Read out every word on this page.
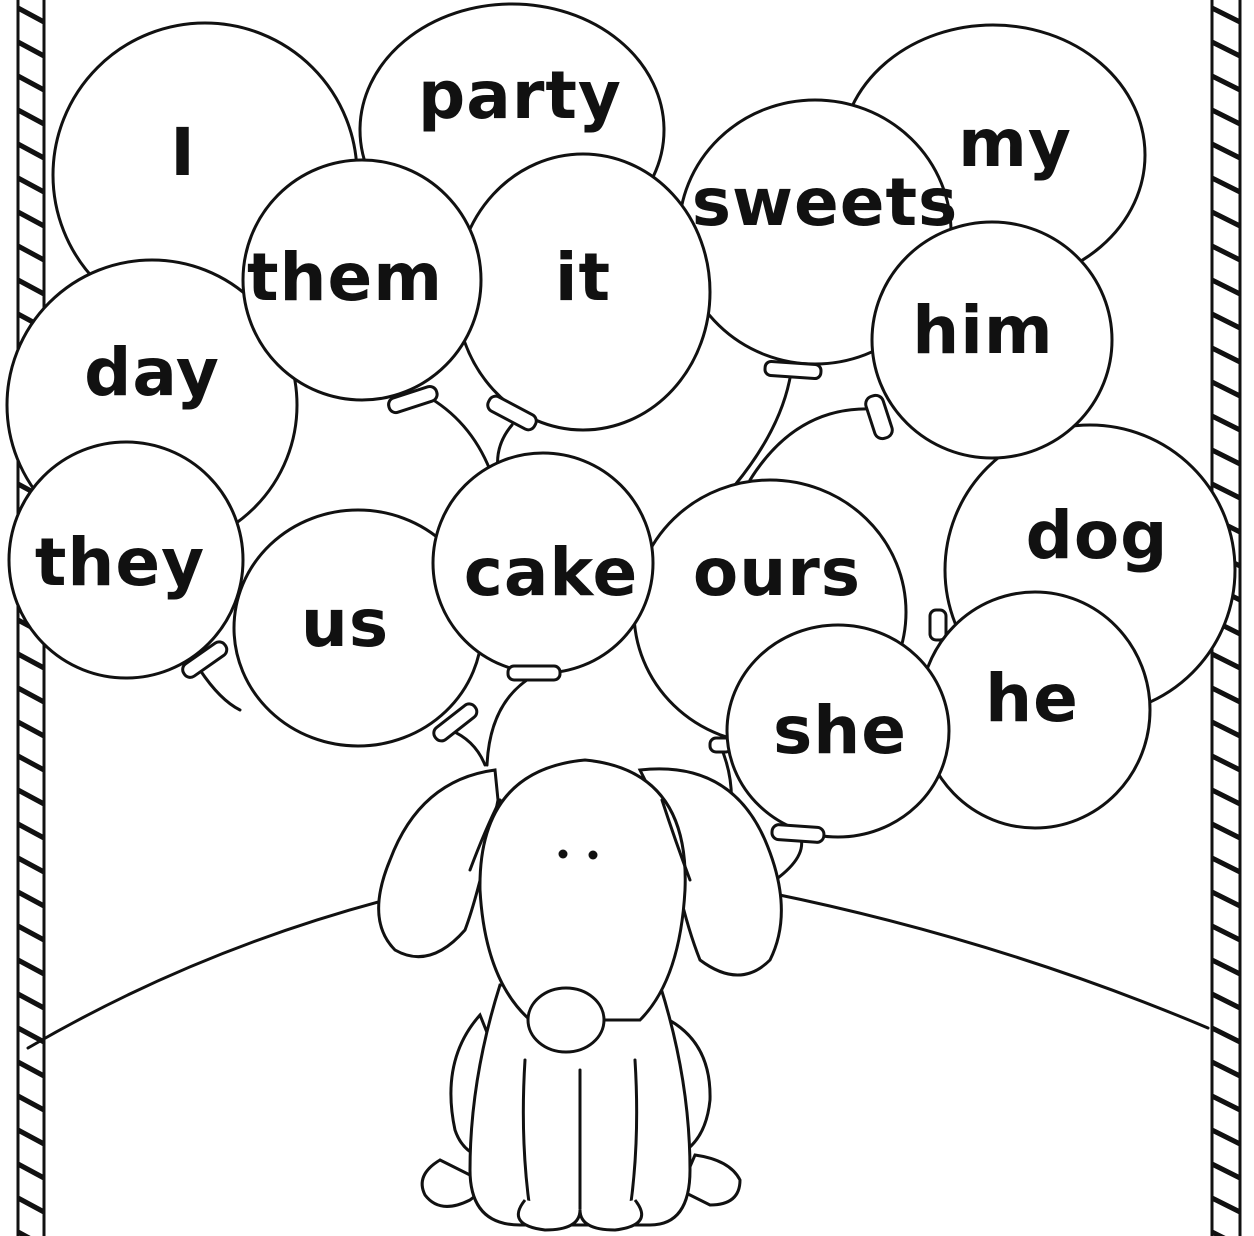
I
party
my
sweets
day
it
them
dog
him
us
they	ours
cake
he
she
